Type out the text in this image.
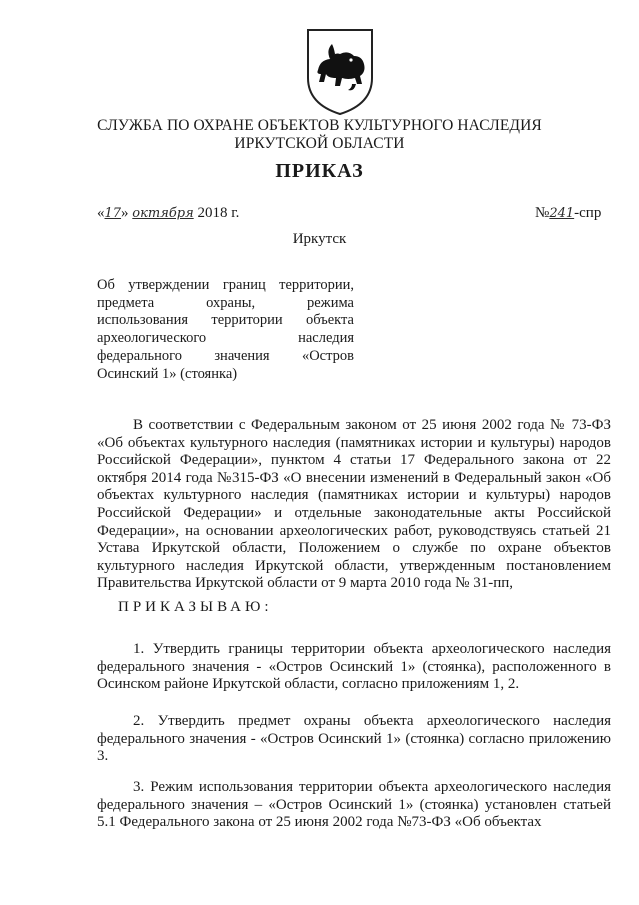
СЛУЖБА ПО ОХРАНЕ ОБЪЕКТОВ КУЛЬТУРНОГО НАСЛЕДИЯ
ИРКУТСКОЙ ОБЛАСТИ
ПРИКАЗ
«17» октября 2018 г.	№241-спр
Иркутск
Об утверждении границ территории,
предмета	охраны,	режима
использования территории объекта
археологического	наследия
федерального значения «Остров
Осинский 1» (стоянка)
В соответствии с Федеральным законом от 25 июня 2002 года № 73-ФЗ «Об объектах культурного наследия (памятниках истории и культуры) народов Российской Федерации», пунктом 4 статьи 17 Федерального закона от 22 октября 2014 года №315-ФЗ «О внесении изменений в Федеральный закон «Об объектах культурного наследия (памятниках истории и культуры) народов Российской Федерации» и отдельные законодательные акты Российской Федерации», на основании археологических работ, руководствуясь статьей 21 Устава Иркутской области, Положением о службе по охране объектов культурного наследия Иркутской области, утвержденным постановлением Правительства Иркутской области от 9 марта 2010 года № 31-пп,
ПРИКАЗЫВАЮ:
1. Утвердить границы территории объекта археологического наследия федерального значения - «Остров Осинский 1» (стоянка), расположенного в Осинском районе Иркутской области, согласно приложениям 1, 2.
2. Утвердить предмет охраны объекта археологического наследия федерального значения - «Остров Осинский 1» (стоянка) согласно приложению 3.
3. Режим использования территории объекта археологического наследия федерального значения – «Остров Осинский 1» (стоянка) установлен статьей 5.1 Федерального закона от 25 июня 2002 года №73-ФЗ «Об объектах
